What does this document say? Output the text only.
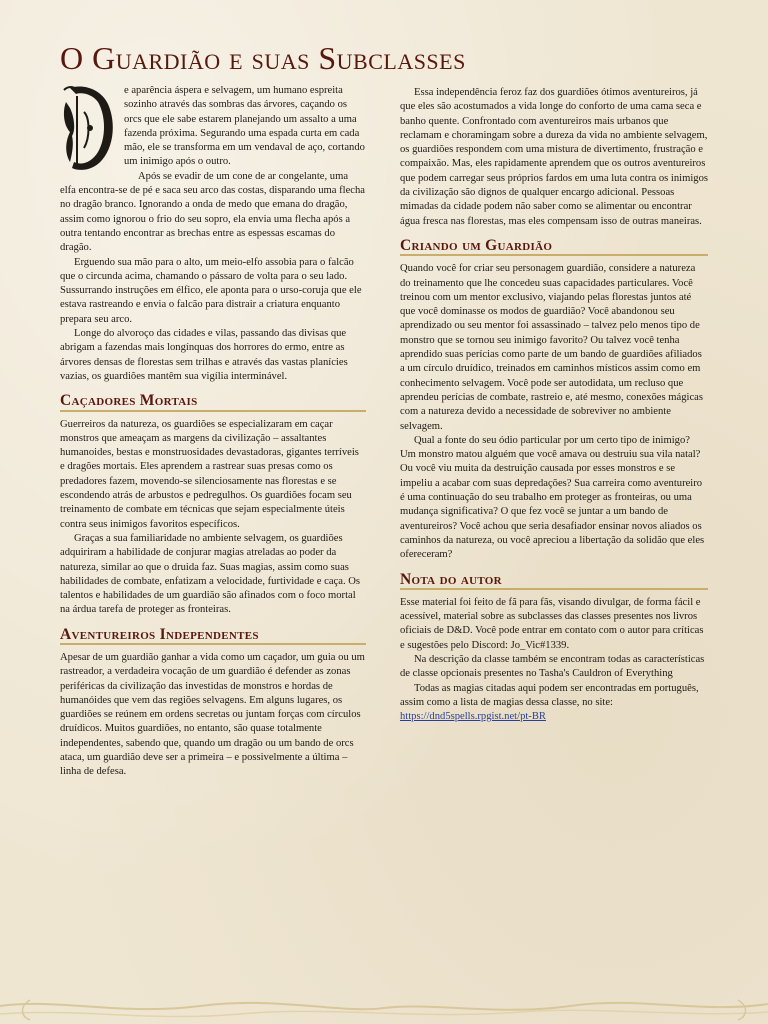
O Guardião e suas Subclasses

e aparência áspera e selvagem, um humano espreita sozinho através das sombras das árvores, caçando os orcs que ele sabe estarem planejando um assalto a uma fazenda próxima. Segurando uma espada curta em cada mão, ele se transforma em um vendaval de aço, cortando um inimigo após o outro.

Após se evadir de um cone de ar congelante, uma elfa encontra-se de pé e saca seu arco das costas, disparando uma flecha no dragão branco. Ignorando a onda de medo que emana do dragão, assim como ignorou o frio do seu sopro, ela envia uma flecha após a outra tentando encontrar as brechas entre as espessas escamas do dragão.

Erguendo sua mão para o alto, um meio-elfo assobia para o falcão que o circunda acima, chamando o pássaro de volta para o seu lado. Sussurrando instruções em élfico, ele aponta para o urso-coruja que ele estava rastreando e envia o falcão para distrair a criatura enquanto prepara seu arco.

Longe do alvoroço das cidades e vilas, passando das divisas que abrigam a fazendas mais longínquas dos horrores do ermo, entre as árvores densas de florestas sem trilhas e através das vastas planícies vazias, os guardiões mantêm sua vigília interminável.

Caçadores Mortais

Guerreiros da natureza, os guardiões se especializaram em caçar monstros que ameaçam as margens da civilização – assaltantes humanoides, bestas e monstruosidades devastadoras, gigantes terríveis e dragões mortais. Eles aprendem a rastrear suas presas como os predadores fazem, movendo-se silenciosamente nas florestas e se escondendo atrás de arbustos e pedregulhos. Os guardiões focam seu treinamento de combate em técnicas que sejam especialmente úteis contra seus inimigos favoritos específicos.

Graças a sua familiaridade no ambiente selvagem, os guardiões adquiriram a habilidade de conjurar magias atreladas ao poder da natureza, similar ao que o druida faz. Suas magias, assim como suas habilidades de combate, enfatizam a velocidade, furtividade e caça. Os talentos e habilidades de um guardião são afinados com o foco mortal na árdua tarefa de proteger as fronteiras.

Aventureiros Independentes

Apesar de um guardião ganhar a vida como um caçador, um guia ou um rastreador, a verdadeira vocação de um guardião é defender as zonas periféricas da civilização das investidas de monstros e hordas de humanóides que vem das regiões selvagens. Em alguns lugares, os guardiões se reúnem em ordens secretas ou juntam forças com círculos druídicos. Muitos guardiões, no entanto, são quase totalmente independentes, sabendo que, quando um dragão ou um bando de orcs ataca, um guardião deve ser a primeira – e possivelmente a última – linha de defesa.

Essa independência feroz faz dos guardiões ótimos aventureiros, já que eles são acostumados a vida longe do conforto de uma cama seca e banho quente. Confrontado com aventureiros mais urbanos que reclamam e choramingam sobre a dureza da vida no ambiente selvagem, os guardiões respondem com uma mistura de divertimento, frustração e compaixão. Mas, eles rapidamente aprendem que os outros aventureiros que podem carregar seus próprios fardos em uma luta contra os inimigos da civilização são dignos de qualquer encargo adicional. Pessoas mimadas da cidade podem não saber como se alimentar ou encontrar água fresca nas florestas, mas eles compensam isso de outras maneiras.

Criando um Guardião

Quando você for criar seu personagem guardião, considere a natureza do treinamento que lhe concedeu suas capacidades particulares. Você treinou com um mentor exclusivo, viajando pelas florestas juntos até que você dominasse os modos de guardião? Você abandonou seu aprendizado ou seu mentor foi assassinado – talvez pelo menos tipo de monstro que se tornou seu inimigo favorito? Ou talvez você tenha aprendido suas perícias como parte de um bando de guardiões afiliados a um círculo druídico, treinados em caminhos místicos assim como em conhecimento selvagem. Você pode ser autodidata, um recluso que aprendeu perícias de combate, rastreio e, até mesmo, conexões mágicas com a natureza devido a necessidade de sobreviver no ambiente selvagem.

Qual a fonte do seu ódio particular por um certo tipo de inimigo? Um monstro matou alguém que você amava ou destruiu sua vila natal? Ou você viu muita da destruição causada por esses monstros e se impeliu a acabar com suas depredações? Sua carreira como aventureiro é uma continuação do seu trabalho em proteger as fronteiras, ou uma mudança significativa? O que fez você se juntar a um bando de aventureiros? Você achou que seria desafiador ensinar novos aliados os caminhos da natureza, ou você apreciou a libertação da solidão que eles ofereceram?

Nota do autor

Esse material foi feito de fã para fãs, visando divulgar, de forma fácil e acessível, material sobre as subclasses das classes presentes nos livros oficiais de D&D. Você pode entrar em contato com o autor para críticas e sugestões pelo Discord: Jo_Vic#1339.

Na descrição da classe também se encontram todas as características de classe opcionais presentes no Tasha's Cauldron of Everything

Todas as magias citadas aqui podem ser encontradas em português, assim como a lista de magias dessa classe, no site:

https://dnd5spells.rpgist.net/pt-BR
